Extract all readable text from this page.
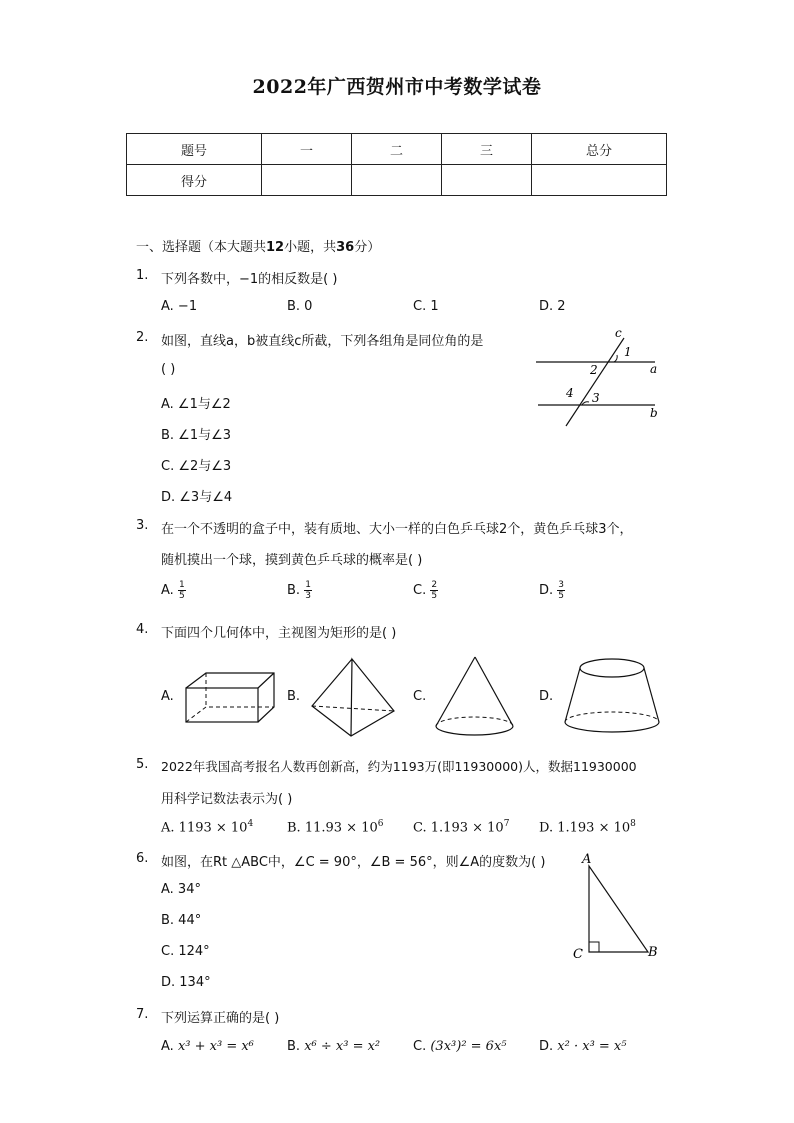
2022年广西贺州市中考数学试卷
题号	一	二	三	总分
得分				
一、选择题（本大题共12小题，共36分）
1. 下列各数中，−1的相反数是( )
A. −1	B. 0	C. 1	D. 2
2. 如图，直线a，b被直线c所截，下列各组角是同位角的是
( )
A. ∠1与∠2
B. ∠1与∠3
C. ∠2与∠3
D. ∠3与∠4
c
1
2	a
4 3
b
3. 在一个不透明的盒子中，装有质地、大小一样的白色乒乓球2个，黄色乒乓球3个，
随机摸出一个球，摸到黄色乒乓球的概率是( )
A. $\frac{1}{5}$	B. $\frac{1}{3}$	C. $\frac{2}{5}$	D. $\frac{3}{5}$
4. 下面四个几何体中，主视图为矩形的是( )
A.	B.	C.	D.
5. 2022年我国高考报名人数再创新高，约为1193万(即11930000)人，数据11930000
用科学记数法表示为( )
A. $1193 \times 10^4$	B. $11.93 \times 10^6$ C. $1.193 \times 10^7$ D. $1.193 \times 10^8$
6. 如图，在Rt △ABC中，∠C = 90°，∠B = 56°，则∠A的度数为( )
A. 34°
B. 44°
C. 124°
D. 134°
A
C	B
7. 下列运算正确的是( )
A. x³ + x³ = x⁶	B. x⁶ ÷ x³ = x²	C. (3x³)² = 6x⁵	D. x² · x³ = x⁵
